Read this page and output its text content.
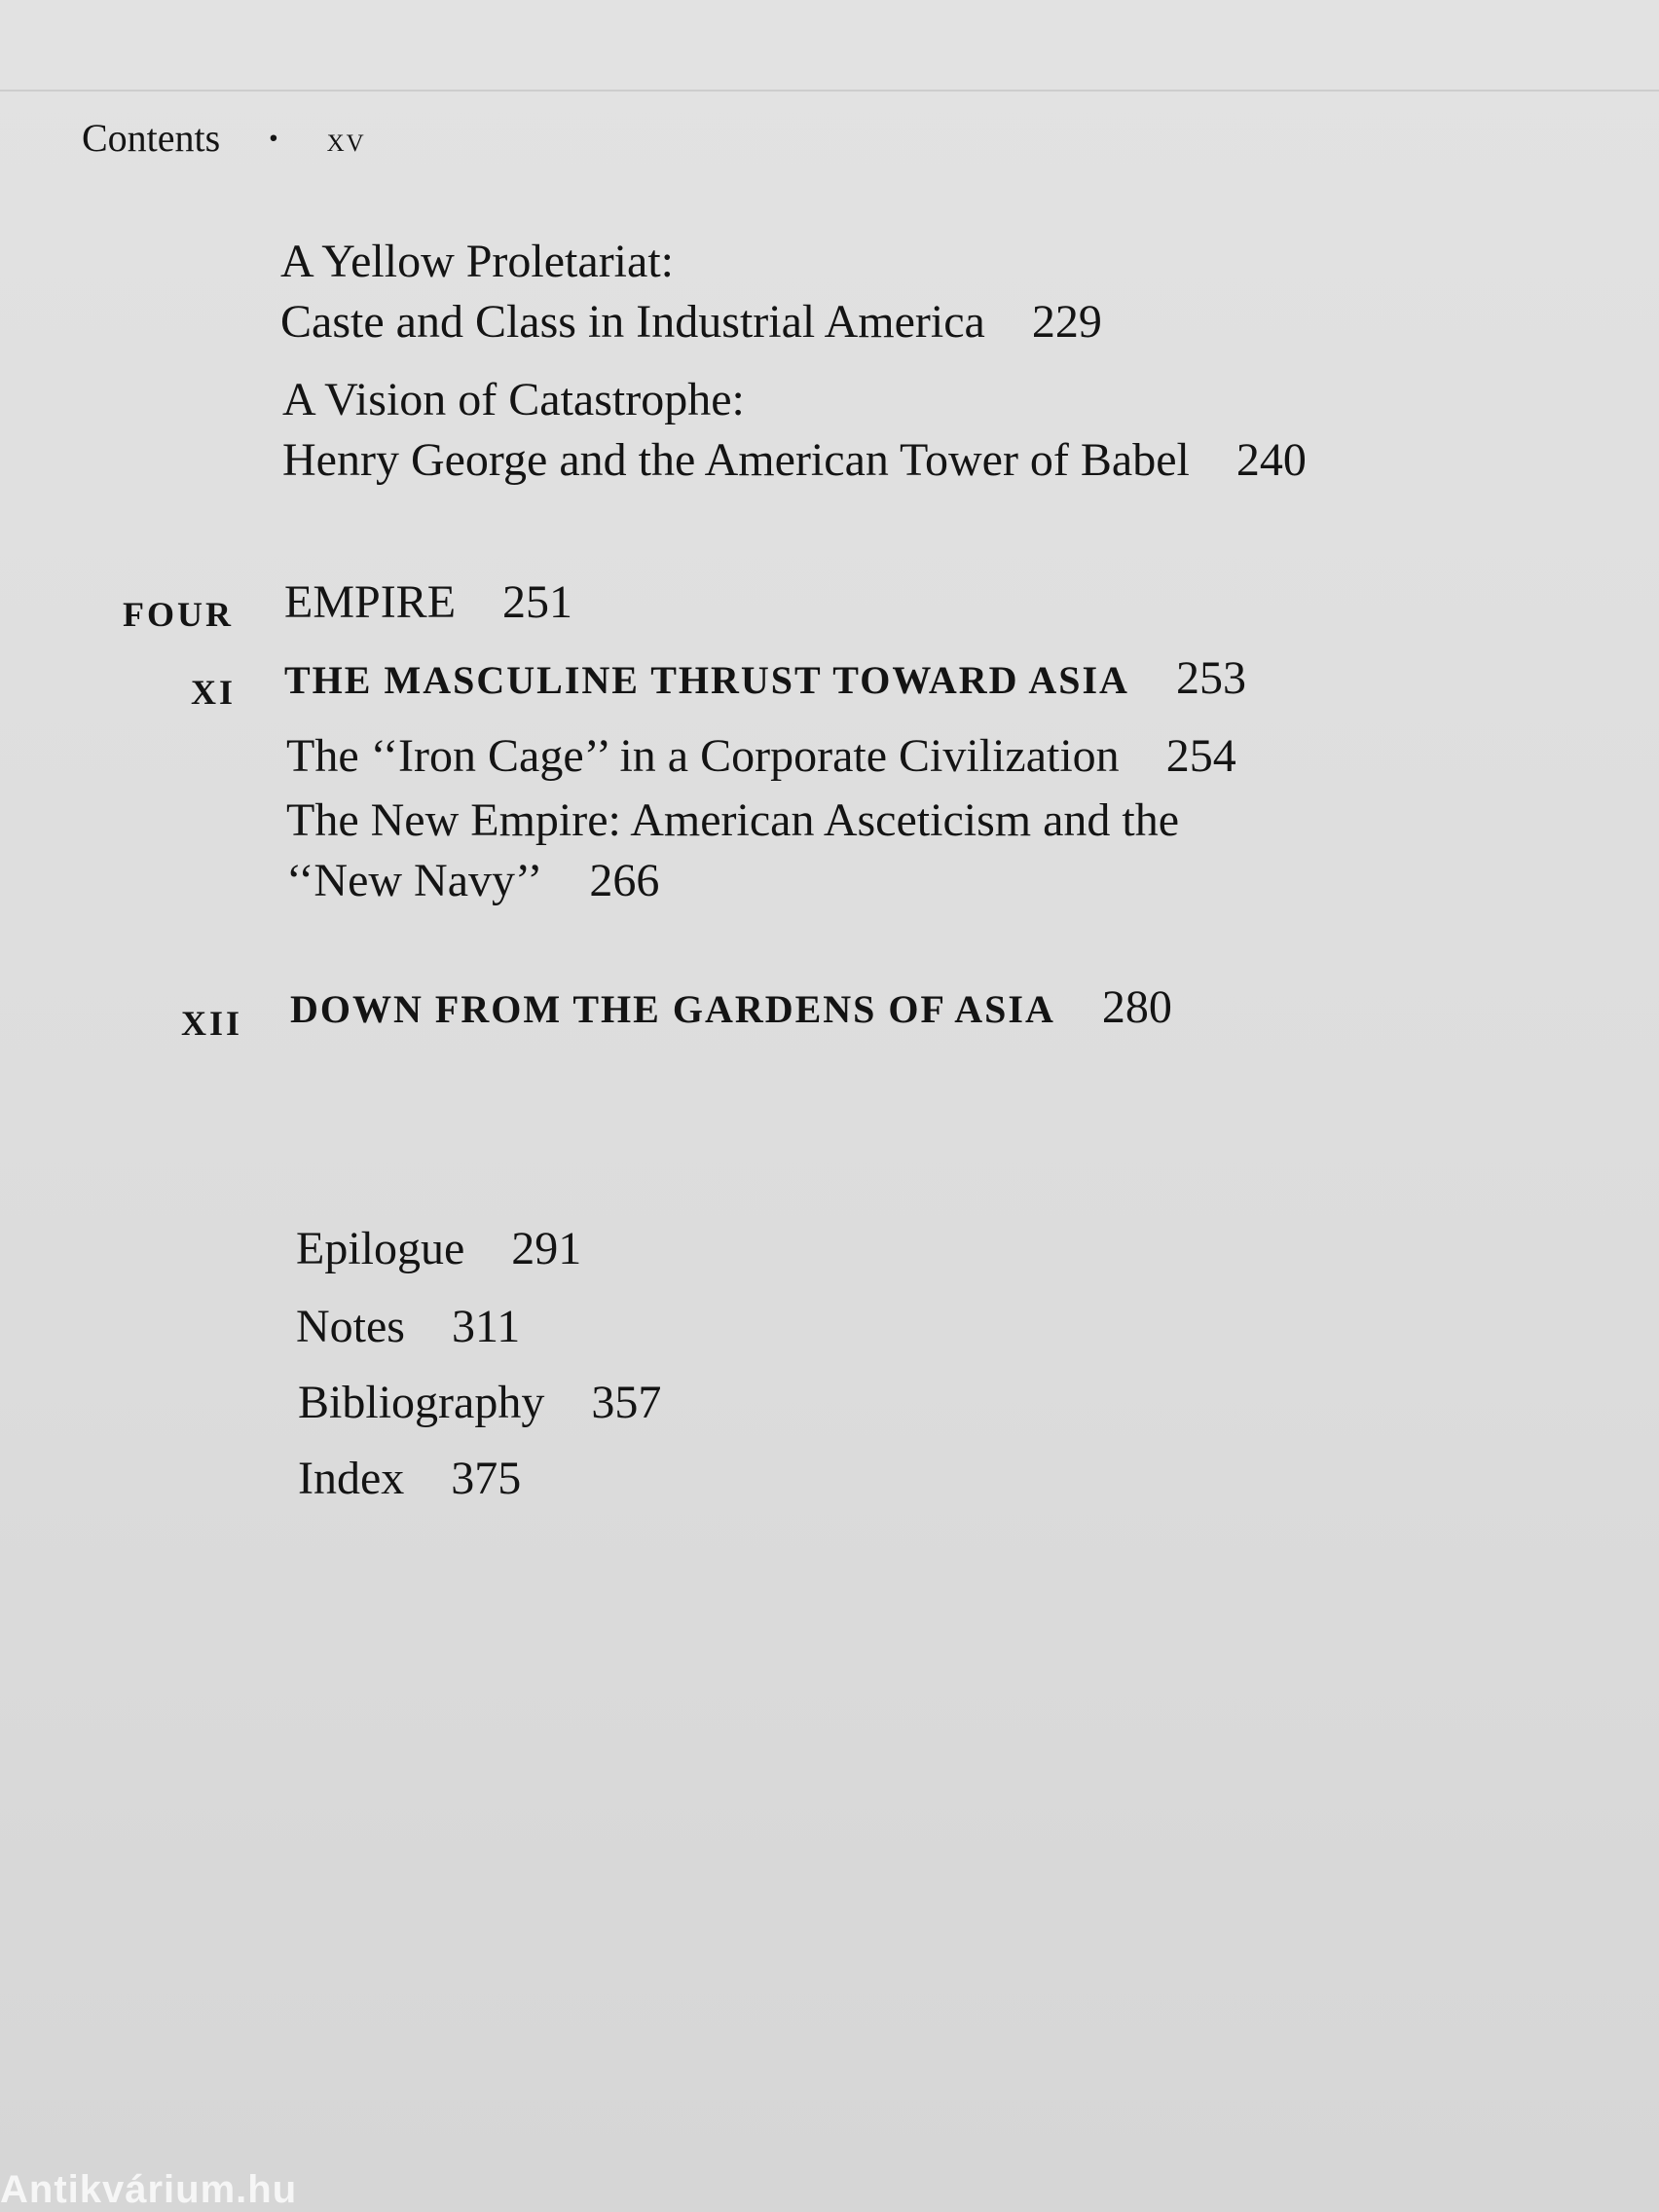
Contents · xv
A Yellow Proletariat:
Caste and Class in Industrial America 229
A Vision of Catastrophe:
Henry George and the American Tower of Babel 240
FOUR EMPIRE 251
XI THE MASCULINE THRUST TOWARD ASIA 253
The ‘‘Iron Cage’’ in a Corporate Civilization 254
The New Empire: American Asceticism and the
‘‘New Navy’’ 266
XII DOWN FROM THE GARDENS OF ASIA 280
Epilogue 291
Notes 311
Bibliography 357
Index 375
Antikvárium.hu
